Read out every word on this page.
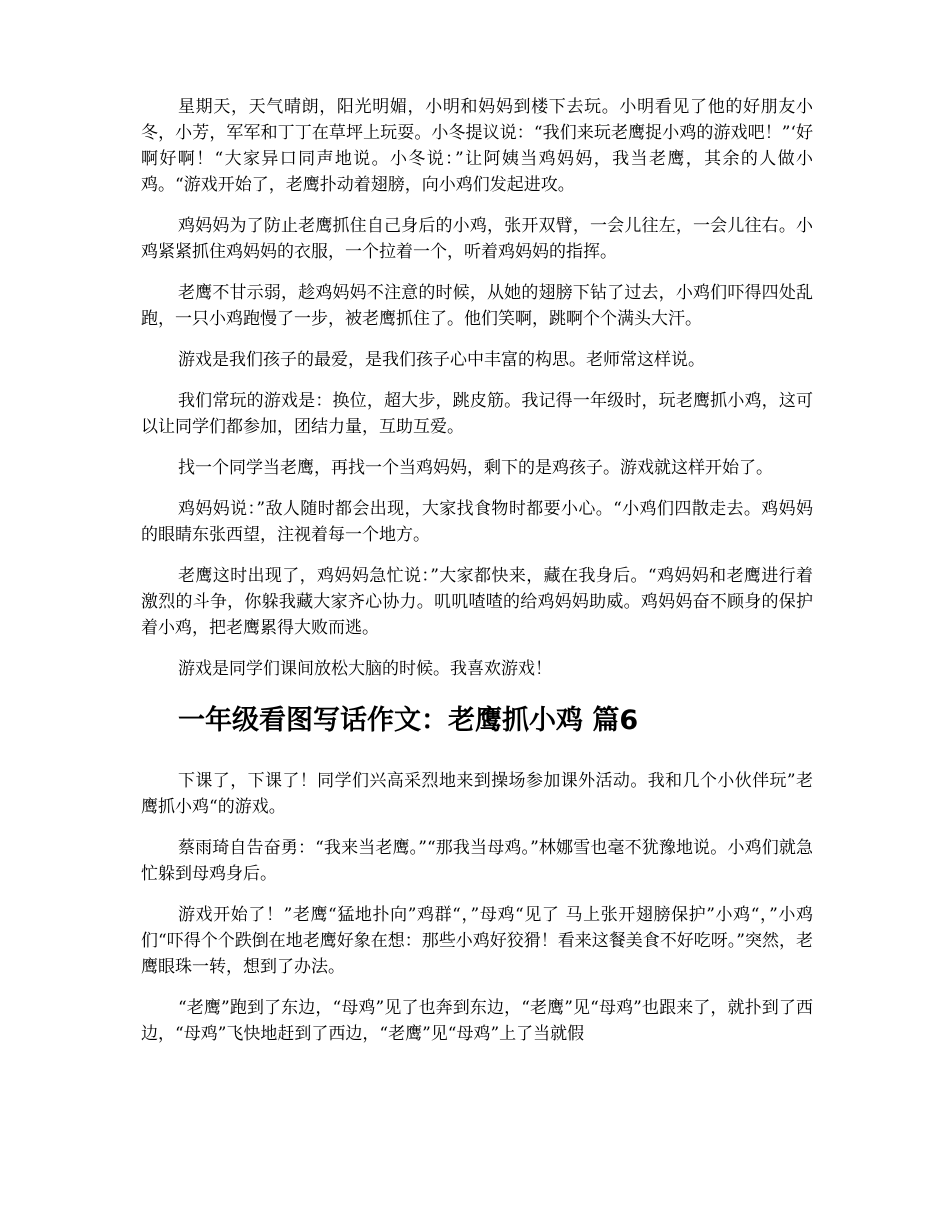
星期天，天气晴朗，阳光明媚，小明和妈妈到楼下去玩。小明看见了他的好朋友小冬，小芳，军军和丁丁在草坪上玩耍。小冬提议说：“我们来玩老鹰捉小鸡的游戏吧！”‘好啊好啊！“大家异口同声地说。小冬说：”让阿姨当鸡妈妈，我当老鹰，其余的人做小鸡。“游戏开始了，老鹰扑动着翅膀，向小鸡们发起进攻。

鸡妈妈为了防止老鹰抓住自己身后的小鸡，张开双臂，一会儿往左，一会儿往右。小鸡紧紧抓住鸡妈妈的衣服，一个拉着一个，听着鸡妈妈的指挥。

老鹰不甘示弱，趁鸡妈妈不注意的时候，从她的翅膀下钻了过去，小鸡们吓得四处乱跑，一只小鸡跑慢了一步，被老鹰抓住了。他们笑啊，跳啊个个满头大汗。

游戏是我们孩子的最爱，是我们孩子心中丰富的构思。老师常这样说。

我们常玩的游戏是：换位，超大步，跳皮筋。我记得一年级时，玩老鹰抓小鸡，这可以让同学们都参加，团结力量，互助互爱。

找一个同学当老鹰，再找一个当鸡妈妈，剩下的是鸡孩子。游戏就这样开始了。

鸡妈妈说：”敌人随时都会出现，大家找食物时都要小心。“小鸡们四散走去。鸡妈妈的眼睛东张西望，注视着每一个地方。

老鹰这时出现了，鸡妈妈急忙说：”大家都快来，藏在我身后。“鸡妈妈和老鹰进行着激烈的斗争，你躲我藏大家齐心协力。叽叽喳喳的给鸡妈妈助威。鸡妈妈奋不顾身的保护着小鸡，把老鹰累得大败而逃。

游戏是同学们课间放松大脑的时候。我喜欢游戏！

一年级看图写话作文：老鹰抓小鸡 篇6

下课了，下课了！同学们兴高采烈地来到操场参加课外活动。我和几个小伙伴玩”老鹰抓小鸡“的游戏。

蔡雨琦自告奋勇：“我来当老鹰。”“那我当母鸡。”林娜雪也毫不犹豫地说。小鸡们就急忙躲到母鸡身后。

游戏开始了！”老鹰“猛地扑向”鸡群“，”母鸡“见了 马上张开翅膀保护”小鸡“，”小鸡们“吓得个个跌倒在地老鹰好象在想：那些小鸡好狡猾！看来这餐美食不好吃呀。”突然，老鹰眼珠一转，想到了办法。

“老鹰”跑到了东边，“母鸡”见了也奔到东边，“老鹰”见“母鸡”也跟来了，就扑到了西边，“母鸡”飞快地赶到了西边，“老鹰”见“母鸡”上了当就假
